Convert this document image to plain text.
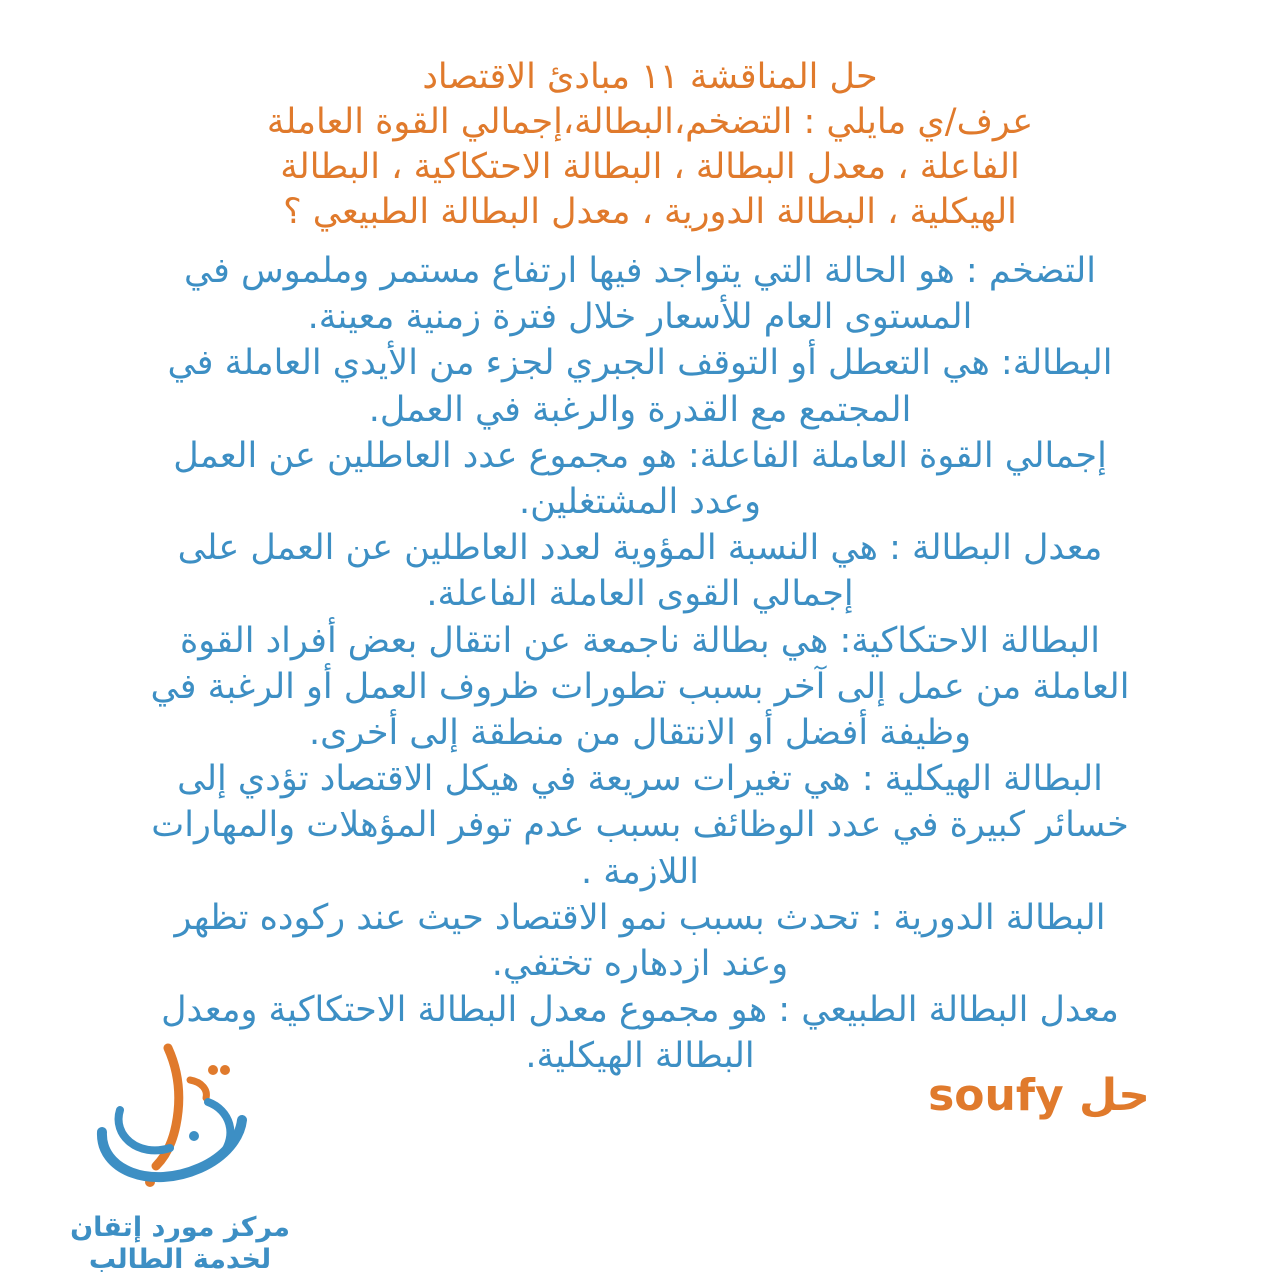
حل المناقشة ١١ مبادئ الاقتصاد
عرف/ي مايلي : التضخم،البطالة،إجمالي القوة العاملة
الفاعلة ، معدل البطالة ، البطالة الاحتكاكية ، البطالة
الهيكلية ، البطالة الدورية ، معدل البطالة الطبيعي ؟
التضخم : هو الحالة التي يتواجد فيها ارتفاع مستمر وملموس في
المستوى العام للأسعار خلال فترة زمنية معينة.
البطالة: هي التعطل أو التوقف الجبري لجزء من الأيدي العاملة في
المجتمع مع القدرة والرغبة في العمل.
إجمالي القوة العاملة الفاعلة: هو مجموع عدد العاطلين عن العمل
وعدد المشتغلين.
معدل البطالة : هي النسبة المؤوية لعدد العاطلين عن العمل على
إجمالي القوى العاملة الفاعلة.
البطالة الاحتكاكية: هي بطالة ناجمعة عن انتقال بعض أفراد القوة
العاملة من عمل إلى آخر بسبب تطورات ظروف العمل أو الرغبة في
وظيفة أفضل أو الانتقال من منطقة إلى أخرى.
البطالة الهيكلية : هي تغيرات سريعة في هيكل الاقتصاد تؤدي إلى
خسائر كبيرة في عدد الوظائف بسبب عدم توفر المؤهلات والمهارات
اللازمة .
البطالة الدورية : تحدث بسبب نمو الاقتصاد حيث عند ركوده تظهر
وعند ازدهاره تختفي.
معدل البطالة الطبيعي : هو مجموع معدل البطالة الاحتكاكية ومعدل
البطالة الهيكلية.
حل soufy
مركز مورد إتقان
لخدمة الطالب
